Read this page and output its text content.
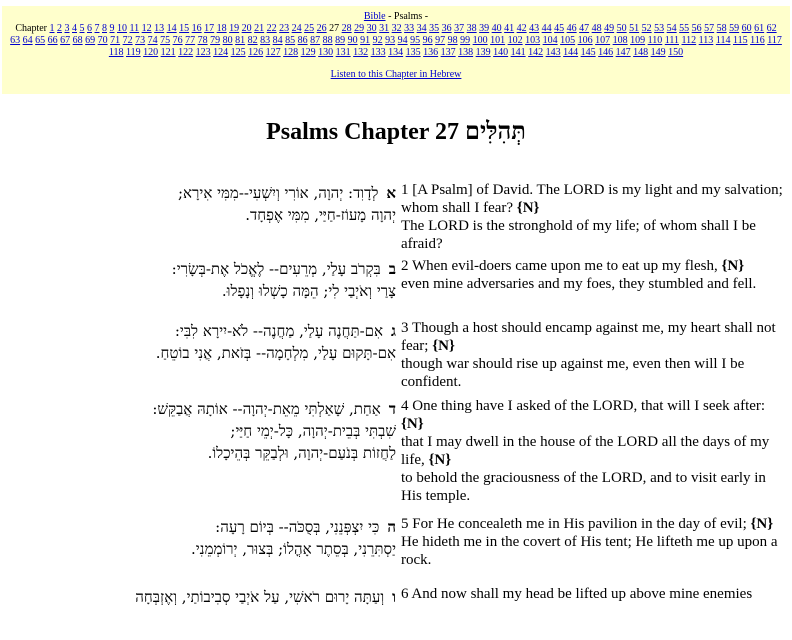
Bible - Psalms -
Chapter 1 2 3 4 5 6 7 8 9 10 11 12 13 14 15 16 17 18 19 20 21 22 23 24 25 26 27 28 29 30 31 32 33 34 35 36 37 38 39 40 41 42 43 44 45 46 47 48 49 50 51 52 53 54 55 56 57 58 59 60 61 62 63 64 65 66 67 68 69 70 71 72 73 74 75 76 77 78 79 80 81 82 83 84 85 86 87 88 89 90 91 92 93 94 95 96 97 98 99 100 101 102 103 104 105 106 107 108 109 110 111 112 113 114 115 116 117 118 119 120 121 122 123 124 125 126 127 128 129 130 131 132 133 134 135 136 137 138 139 140 141 142 143 144 145 146 147 148 149 150
Listen to this Chapter in Hebrew
Psalms Chapter 27 תְּהִלִּים
אלְדָוִד: יְהוָה, אוֹרִי וְיִשְׁעִי--מִמִּי אִירָא;
יְהוָה מָעוֹז-חַיַּי, מִמִּי אֶפְחָד.
1 [A Psalm] of David. The LORD is my light and my salvation; whom shall I fear? {N}
The LORD is the stronghold of my life; of whom shall I be afraid?
בבִּקְרֹב עָלַי, מְרֵעִים-- לֶאֱכֹל אֶת-בְּשָׂרִי:
צָרַי וְאֹיְבַי לִי; הֵמָּה כָשְׁלוּ וְנָפָלוּ.
2 When evil-doers came upon me to eat up my flesh, {N}
even mine adversaries and my foes, they stumbled and fell.
גאִם-תַּחֲנֶה עָלַי, מַחֲנֶה-- לֹא-יִירָא לִבִּי:
אִם-תָּקוּם עָלַי, מִלְחָמָה-- בְּזֹאת, אֲנִי בוֹטֵחַ.
3 Though a host should encamp against me, my heart shall not fear; {N}
though war should rise up against me, even then will I be confident.
דאַחַת, שָׁאַלְתִּי מֵאֵת-יְהוָה-- אוֹתָהּ אֲבַקֵּשׁ:
שִׁבְתִּי בְּבֵית-יְהוָה, כָּל-יְמֵי חַיַּי;
לַחֲזוֹת בְּנֹעַם-יְהוָה, וּלְבַקֵּר בְּהֵיכָלוֹ.
4 One thing have I asked of the LORD, that will I seek after: {N}
that I may dwell in the house of the LORD all the days of my life, {N}
to behold the graciousness of the LORD, and to visit early in His temple.
הכִּי יִצְפְּנֵנִי, בְּסֻכֹּה-- בְּיוֹם רָעָה:
יַסְתִּרֵנִי, בְּסֵתֶר אָהֳלוֹ; בְּצוּר, יְרוֹמְמֵנִי.
5 For He concealeth me in His pavilion in the day of evil; {N}
He hideth me in the covert of His tent; He lifteth me up upon a rock.
ווְעַתָּה יָרוּם רֹאשִׁי, עַל אֹיְבַי סְבִיבוֹתַי, וְאֶזְבְּחָה	6 And now shall my head be lifted up above mine enemies
